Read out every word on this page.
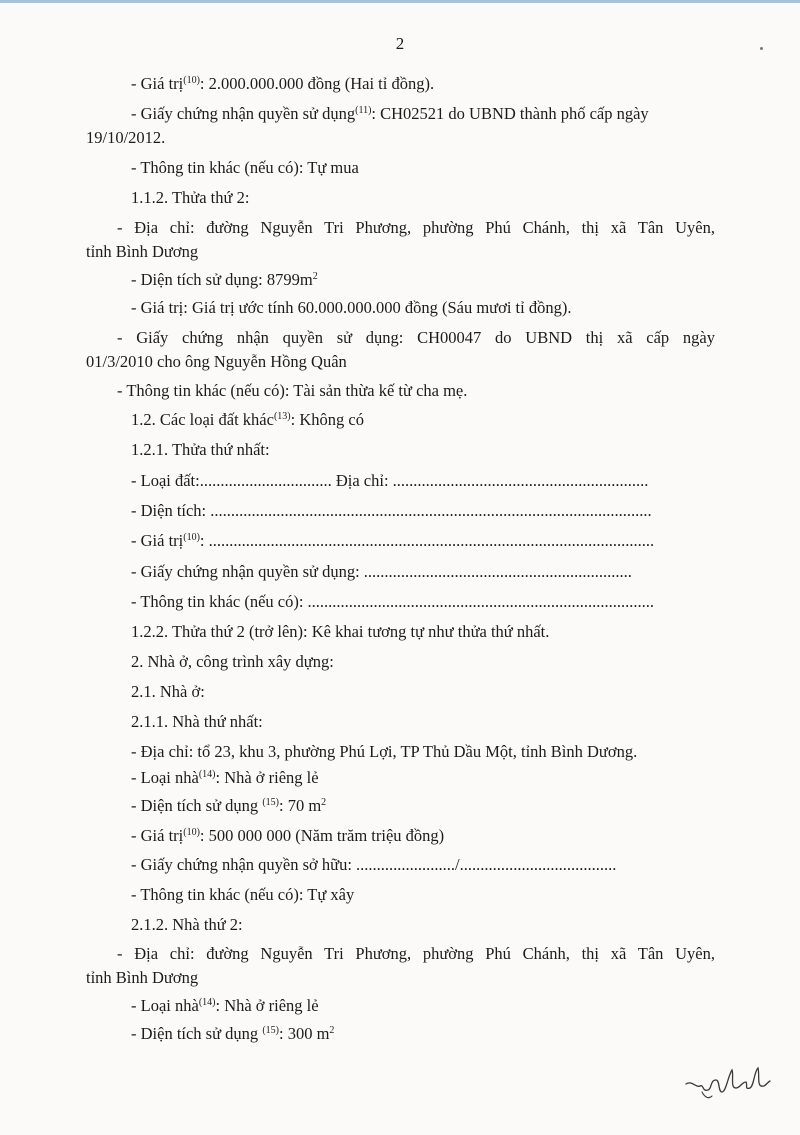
2
- Giá trị$^{(10)}$: 2.000.000.000 đồng (Hai tỉ đồng).
- Giấy chứng nhận quyền sử dụng$^{(11)}$: CH02521 do UBND thành phố cấp ngày
19/10/2012.
- Thông tin khác (nếu có): Tự mua
1.1.2. Thửa thứ 2:
- Địa chỉ: đường Nguyễn Tri Phương, phường Phú Chánh, thị xã Tân Uyên,
tỉnh Bình Dương
- Diện tích sử dụng: $8799m^2$
- Giá trị: Giá trị ước tính 60.000.000.000 đồng (Sáu mươi tỉ đồng).
- Giấy chứng nhận quyền sử dụng: CH00047 do UBND thị xã cấp ngày
01/3/2010 cho ông Nguyễn Hồng Quân
- Thông tin khác (nếu có): Tài sản thừa kế từ cha mẹ.
1.2. Các loại đất khác$^{(13)}$: Không có
1.2.1. Thửa thứ nhất:
- Loại đất:................................ Địa chỉ: ..............................................................
- Diện tích: ...........................................................................................................
- Giá trị$^{(10)}$: ............................................................................................................
- Giấy chứng nhận quyền sử dụng: .................................................................
- Thông tin khác (nếu có): ....................................................................................
1.2.2. Thửa thứ 2 (trở lên): Kê khai tương tự như thửa thứ nhất.
2. Nhà ở, công trình xây dựng:
2.1. Nhà ở:
2.1.1. Nhà thứ nhất:
- Địa chỉ: tổ 23, khu 3, phường Phú Lợi, TP Thủ Dầu Một, tỉnh Bình Dương.
- Loại nhà$^{(14)}$: Nhà ở riêng lẻ
- Diện tích sử dụng $^{(15)}$: 70 $m^2$
- Giá trị$^{(10)}$: 500 000 000 (Năm trăm triệu đồng)
- Giấy chứng nhận quyền sở hữu: ......................../......................................
- Thông tin khác (nếu có): Tự xây
2.1.2. Nhà thứ 2:
- Địa chỉ: đường Nguyễn Tri Phương, phường Phú Chánh, thị xã Tân Uyên,
tỉnh Bình Dương
- Loại nhà$^{(14)}$: Nhà ở riêng lẻ
- Diện tích sử dụng $^{(15)}$: 300 $m^2$
